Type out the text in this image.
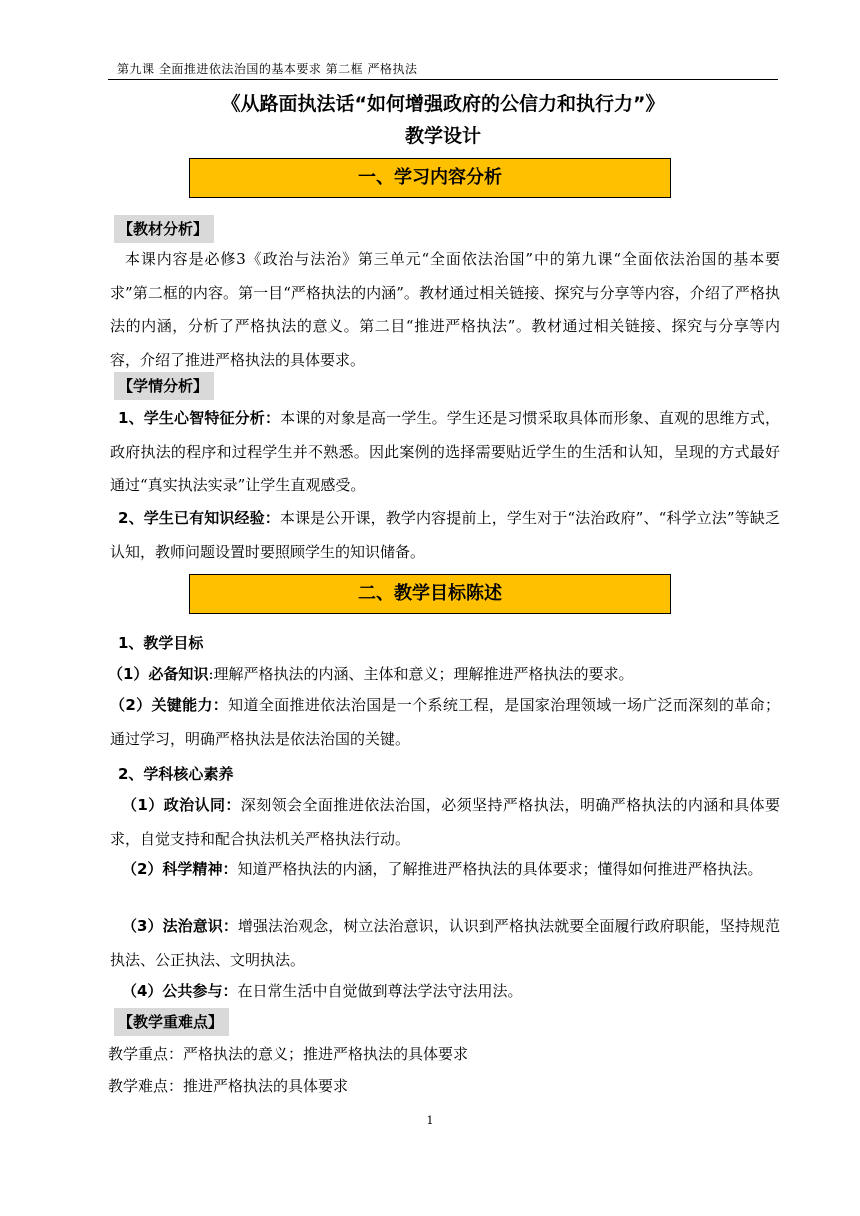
第九课 全面推进依法治国的基本要求 第二框 严格执法
《从路面执法话“如何增强政府的公信力和执行力”》
教学设计
一、学习内容分析
【教材分析】
本课内容是必修3《政治与法治》第三单元“全面依法治国”中的第九课“全面依法治国的基本要求”第二框的内容。第一目“严格执法的内涵”。教材通过相关链接、探究与分享等内容，介绍了严格执法的内涵，分析了严格执法的意义。第二目“推进严格执法”。教材通过相关链接、探究与分享等内容，介绍了推进严格执法的具体要求。
【学情分析】
1、学生心智特征分析：本课的对象是高一学生。学生还是习惯采取具体而形象、直观的思维方式，政府执法的程序和过程学生并不熟悉。因此案例的选择需要贴近学生的生活和认知，呈现的方式最好通过“真实执法实录”让学生直观感受。
2、学生已有知识经验：本课是公开课，教学内容提前上，学生对于“法治政府”、“科学立法”等缺乏认知，教师问题设置时要照顾学生的知识储备。
二、教学目标陈述
1、教学目标
（1）必备知识:理解严格执法的内涵、主体和意义；理解推进严格执法的要求。
（2）关键能力：知道全面推进依法治国是一个系统工程，是国家治理领域一场广泛而深刻的革命；通过学习，明确严格执法是依法治国的关键。
2、学科核心素养
（1）政治认同：深刻领会全面推进依法治国，必须坚持严格执法，明确严格执法的内涵和具体要求，自觉支持和配合执法机关严格执法行动。
（2）科学精神：知道严格执法的内涵，了解推进严格执法的具体要求；懂得如何推进严格执法。
（3）法治意识：增强法治观念，树立法治意识，认识到严格执法就要全面履行政府职能，坚持规范执法、公正执法、文明执法。
（4）公共参与：在日常生活中自觉做到尊法学法守法用法。
【教学重难点】
教学重点：严格执法的意义；推进严格执法的具体要求
教学难点：推进严格执法的具体要求
1
